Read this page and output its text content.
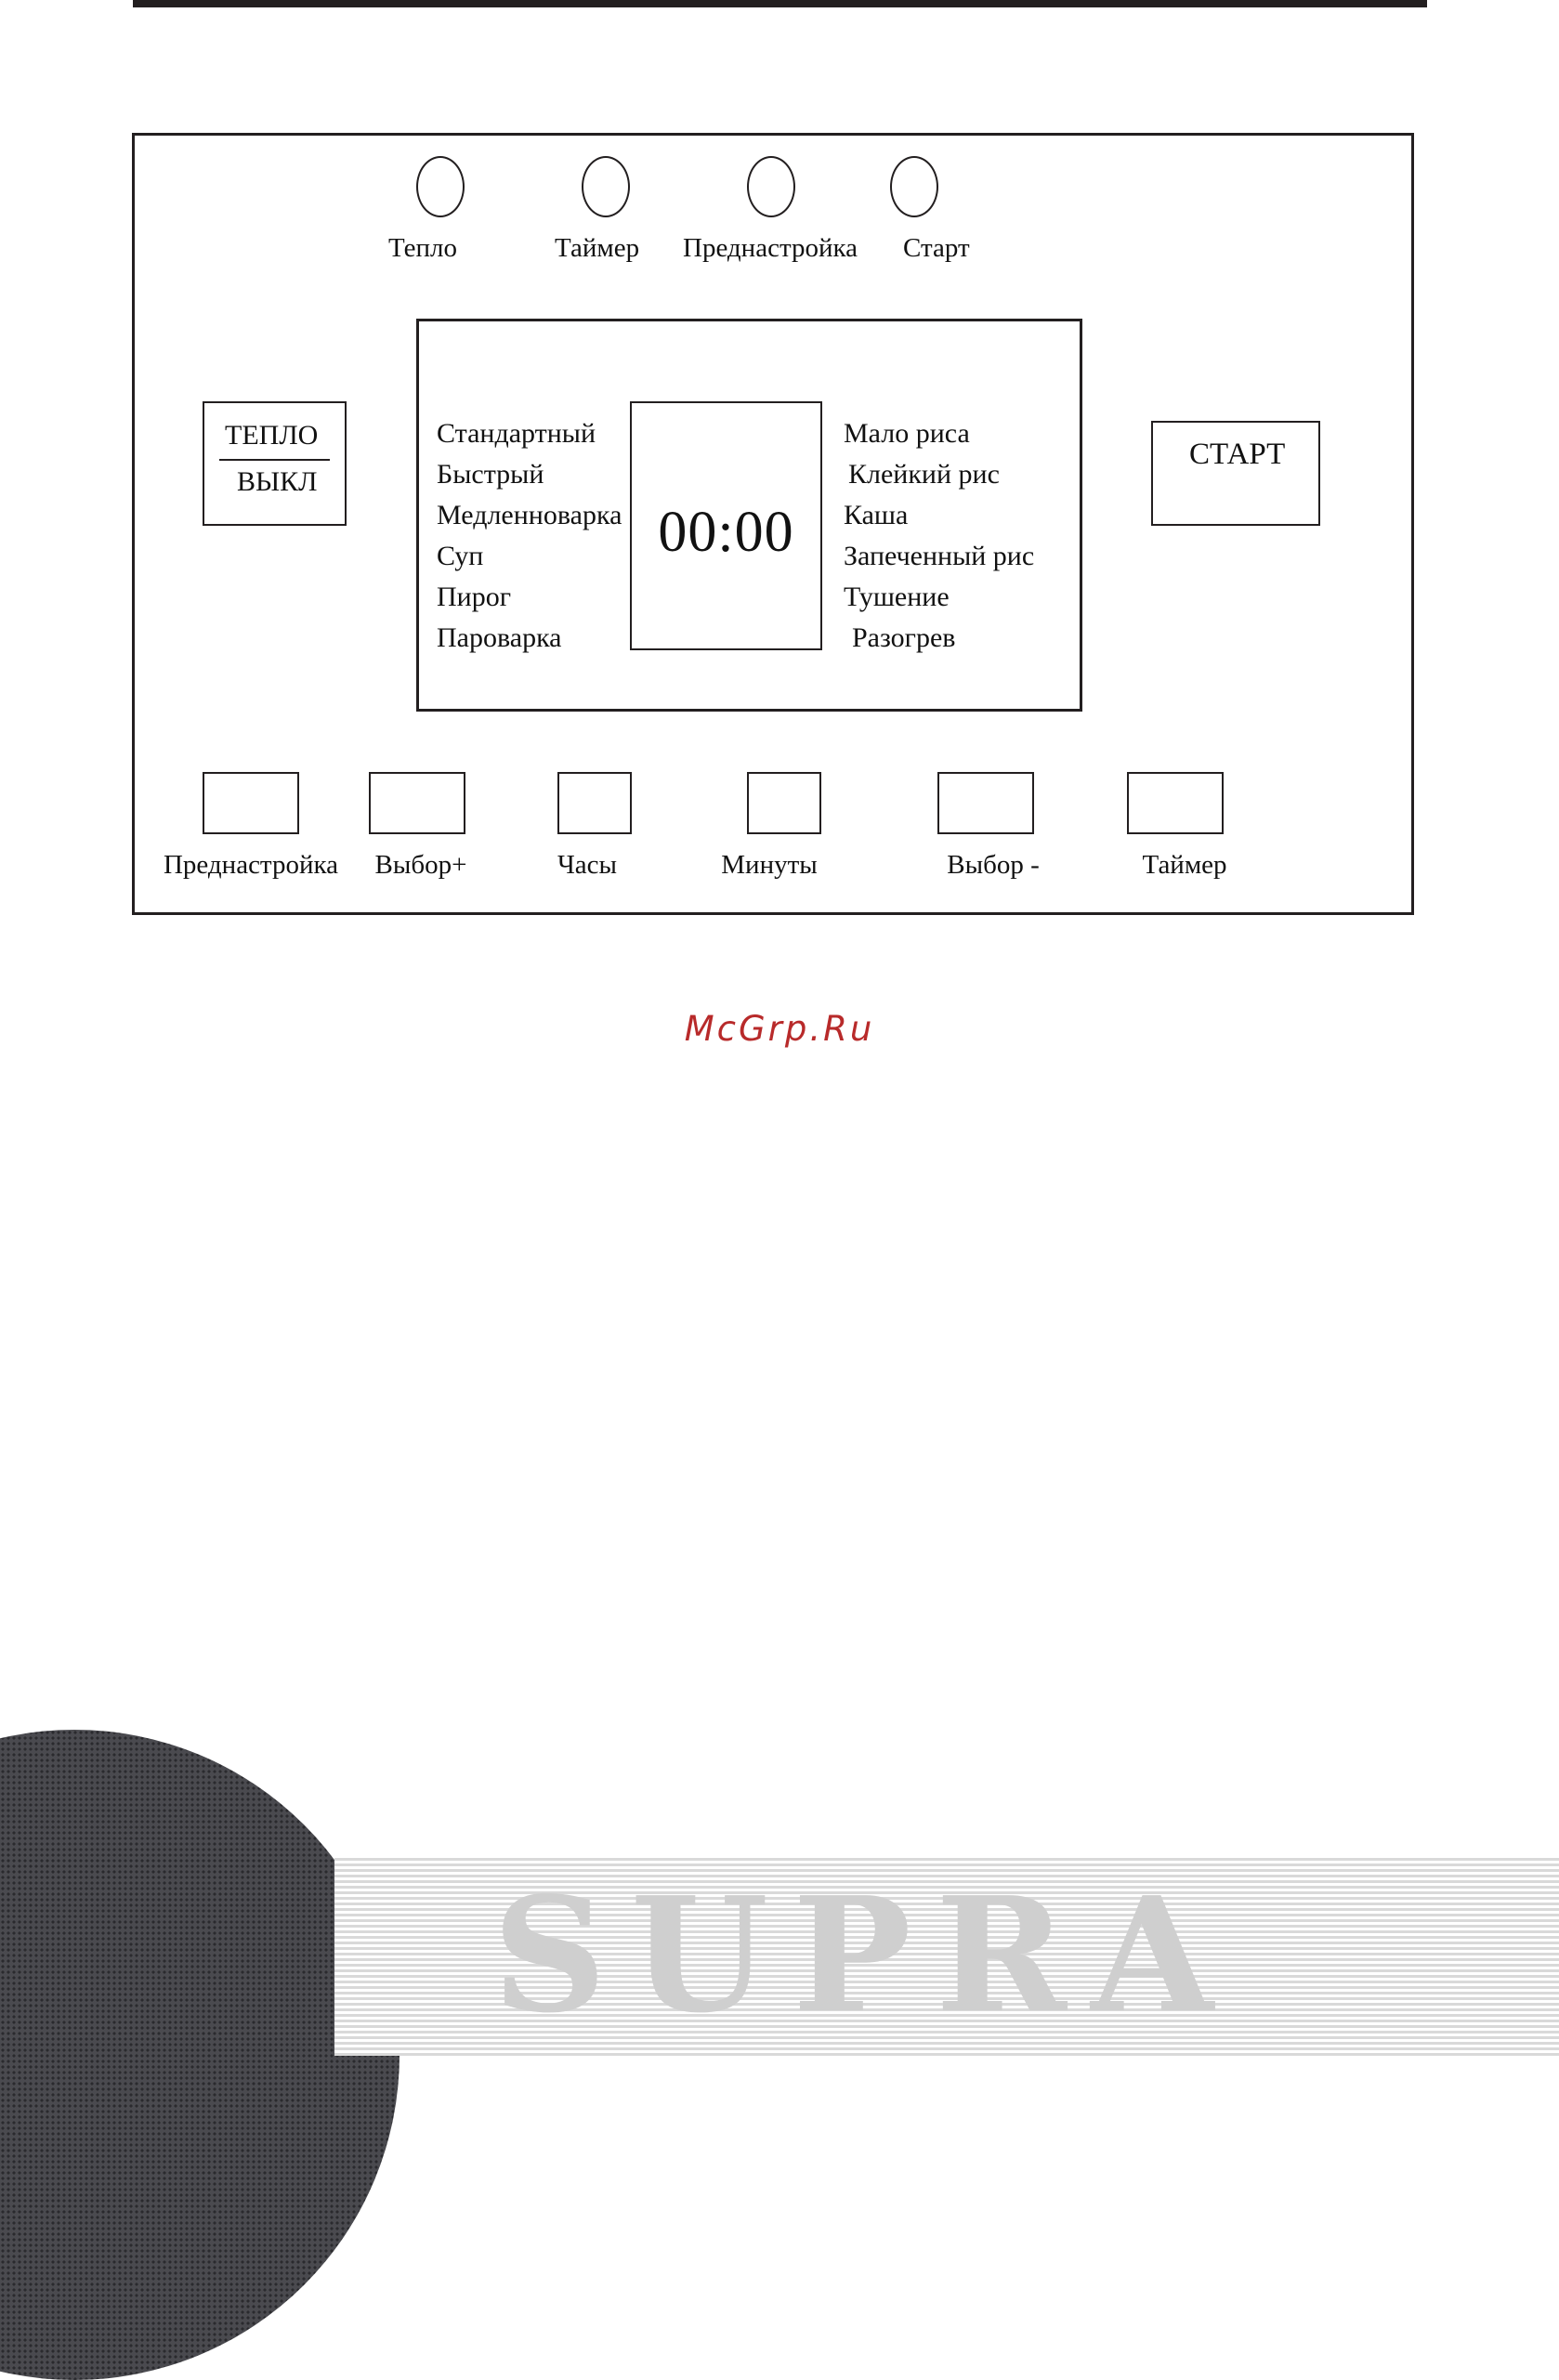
Тепло	Таймер Преднастройка Старт
ТЕПЛО
ВЫКЛ
СТАРТ
Стандартный
Быстрый
Медленноварка
Суп
Пирог
Пароварка
Мало риса
Клейкий рис
Каша
Запеченный рис
Тушение
Разогрев
00:00
Преднастройка Выбор+	Часы	Минуты	Выбор -	Таймер
McGrp.Ru
SUPRA
